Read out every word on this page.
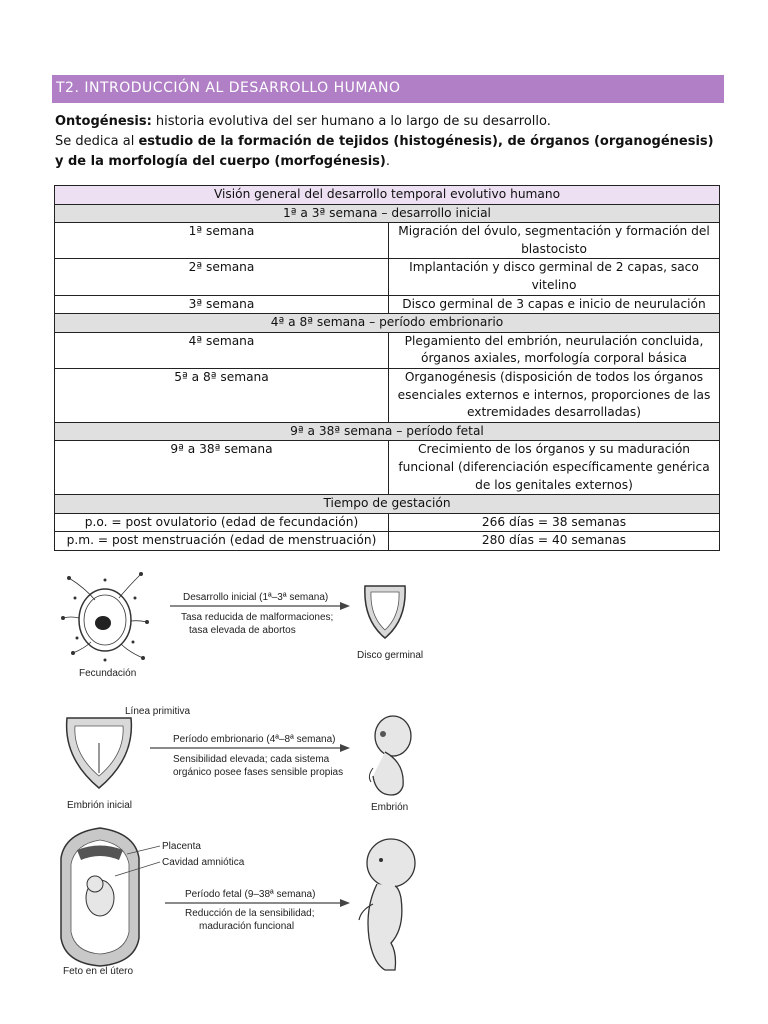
T2. INTRODUCCIÓN AL DESARROLLO HUMANO

Ontogénesis: historia evolutiva del ser humano a lo largo de su desarrollo.

Se dedica al estudio de la formación de tejidos (histogénesis), de órganos (organogénesis) y de la morfología del cuerpo (morfogénesis).

Visión general del desarrollo temporal evolutivo humano	
1ª a 3ª semana – desarrollo inicial	
1ª semana	Migración del óvulo, segmentación y formación del blastocisto
2ª semana	Implantación y disco germinal de 2 capas, saco vitelino
3ª semana	Disco germinal de 3 capas e inicio de neurulación
4ª a 8ª semana – período embrionario	
4ª semana	Plegamiento del embrión, neurulación concluida, órganos axiales, morfología corporal básica
5ª a 8ª semana	Organogénesis (disposición de todos los órganos esenciales externos e internos, proporciones de las extremidades desarrolladas)
9ª a 38ª semana – período fetal	
9ª a 38ª semana	Crecimiento de los órganos y su maduración funcional (diferenciación específicamente genérica de los genitales externos)
Tiempo de gestación	
p.o. = post ovulatorio (edad de fecundación)	266 días = 38 semanas
p.m. = post menstruación (edad de menstruación)	280 días = 40 semanas
Fecundación
Desarrollo inicial (1ª–3ª semana)
Tasa reducida de malformaciones;
tasa elevada de abortos
Disco germinal
Línea primitiva
Embrión inicial
Período embrionario (4ª–8ª semana)
Sensibilidad elevada; cada sistema
orgánico posee fases sensible propias
Embrión
Placenta
Cavidad amniótica
Período fetal (9–38ª semana)
Reducción de la sensibilidad;
maduración funcional
Feto en el útero
